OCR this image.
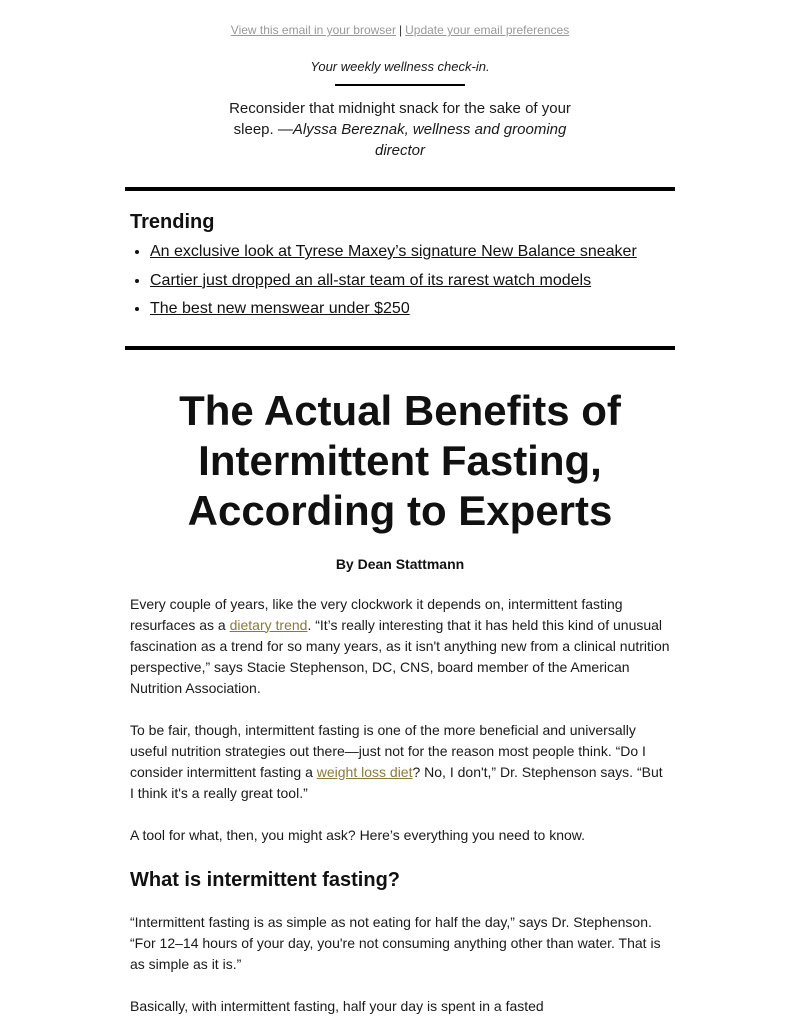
View this email in your browser | Update your email preferences
Your weekly wellness check-in.
Reconsider that midnight snack for the sake of your sleep. —Alyssa Bereznak, wellness and grooming director
Trending
• An exclusive look at Tyrese Maxey’s signature New Balance sneaker
• Cartier just dropped an all-star team of its rarest watch models
• The best new menswear under $250
The Actual Benefits of Intermittent Fasting, According to Experts
By Dean Stattmann

Every couple of years, like the very clockwork it depends on, intermittent fasting resurfaces as a dietary trend. “It’s really interesting that it has held this kind of unusual fascination as a trend for so many years, as it isn't anything new from a clinical nutrition perspective,” says Stacie Stephenson, DC, CNS, board member of the American Nutrition Association.

To be fair, though, intermittent fasting is one of the more beneficial and universally useful nutrition strategies out there—just not for the reason most people think. “Do I consider intermittent fasting a weight loss diet? No, I don't,” Dr. Stephenson says. “But I think it's a really great tool.”

A tool for what, then, you might ask? Here’s everything you need to know.

What is intermittent fasting?

“Intermittent fasting is as simple as not eating for half the day,” says Dr. Stephenson. “For 12–14 hours of your day, you're not consuming anything other than water. That is as simple as it is.”

Basically, with intermittent fasting, half your day is spent in a fasted
